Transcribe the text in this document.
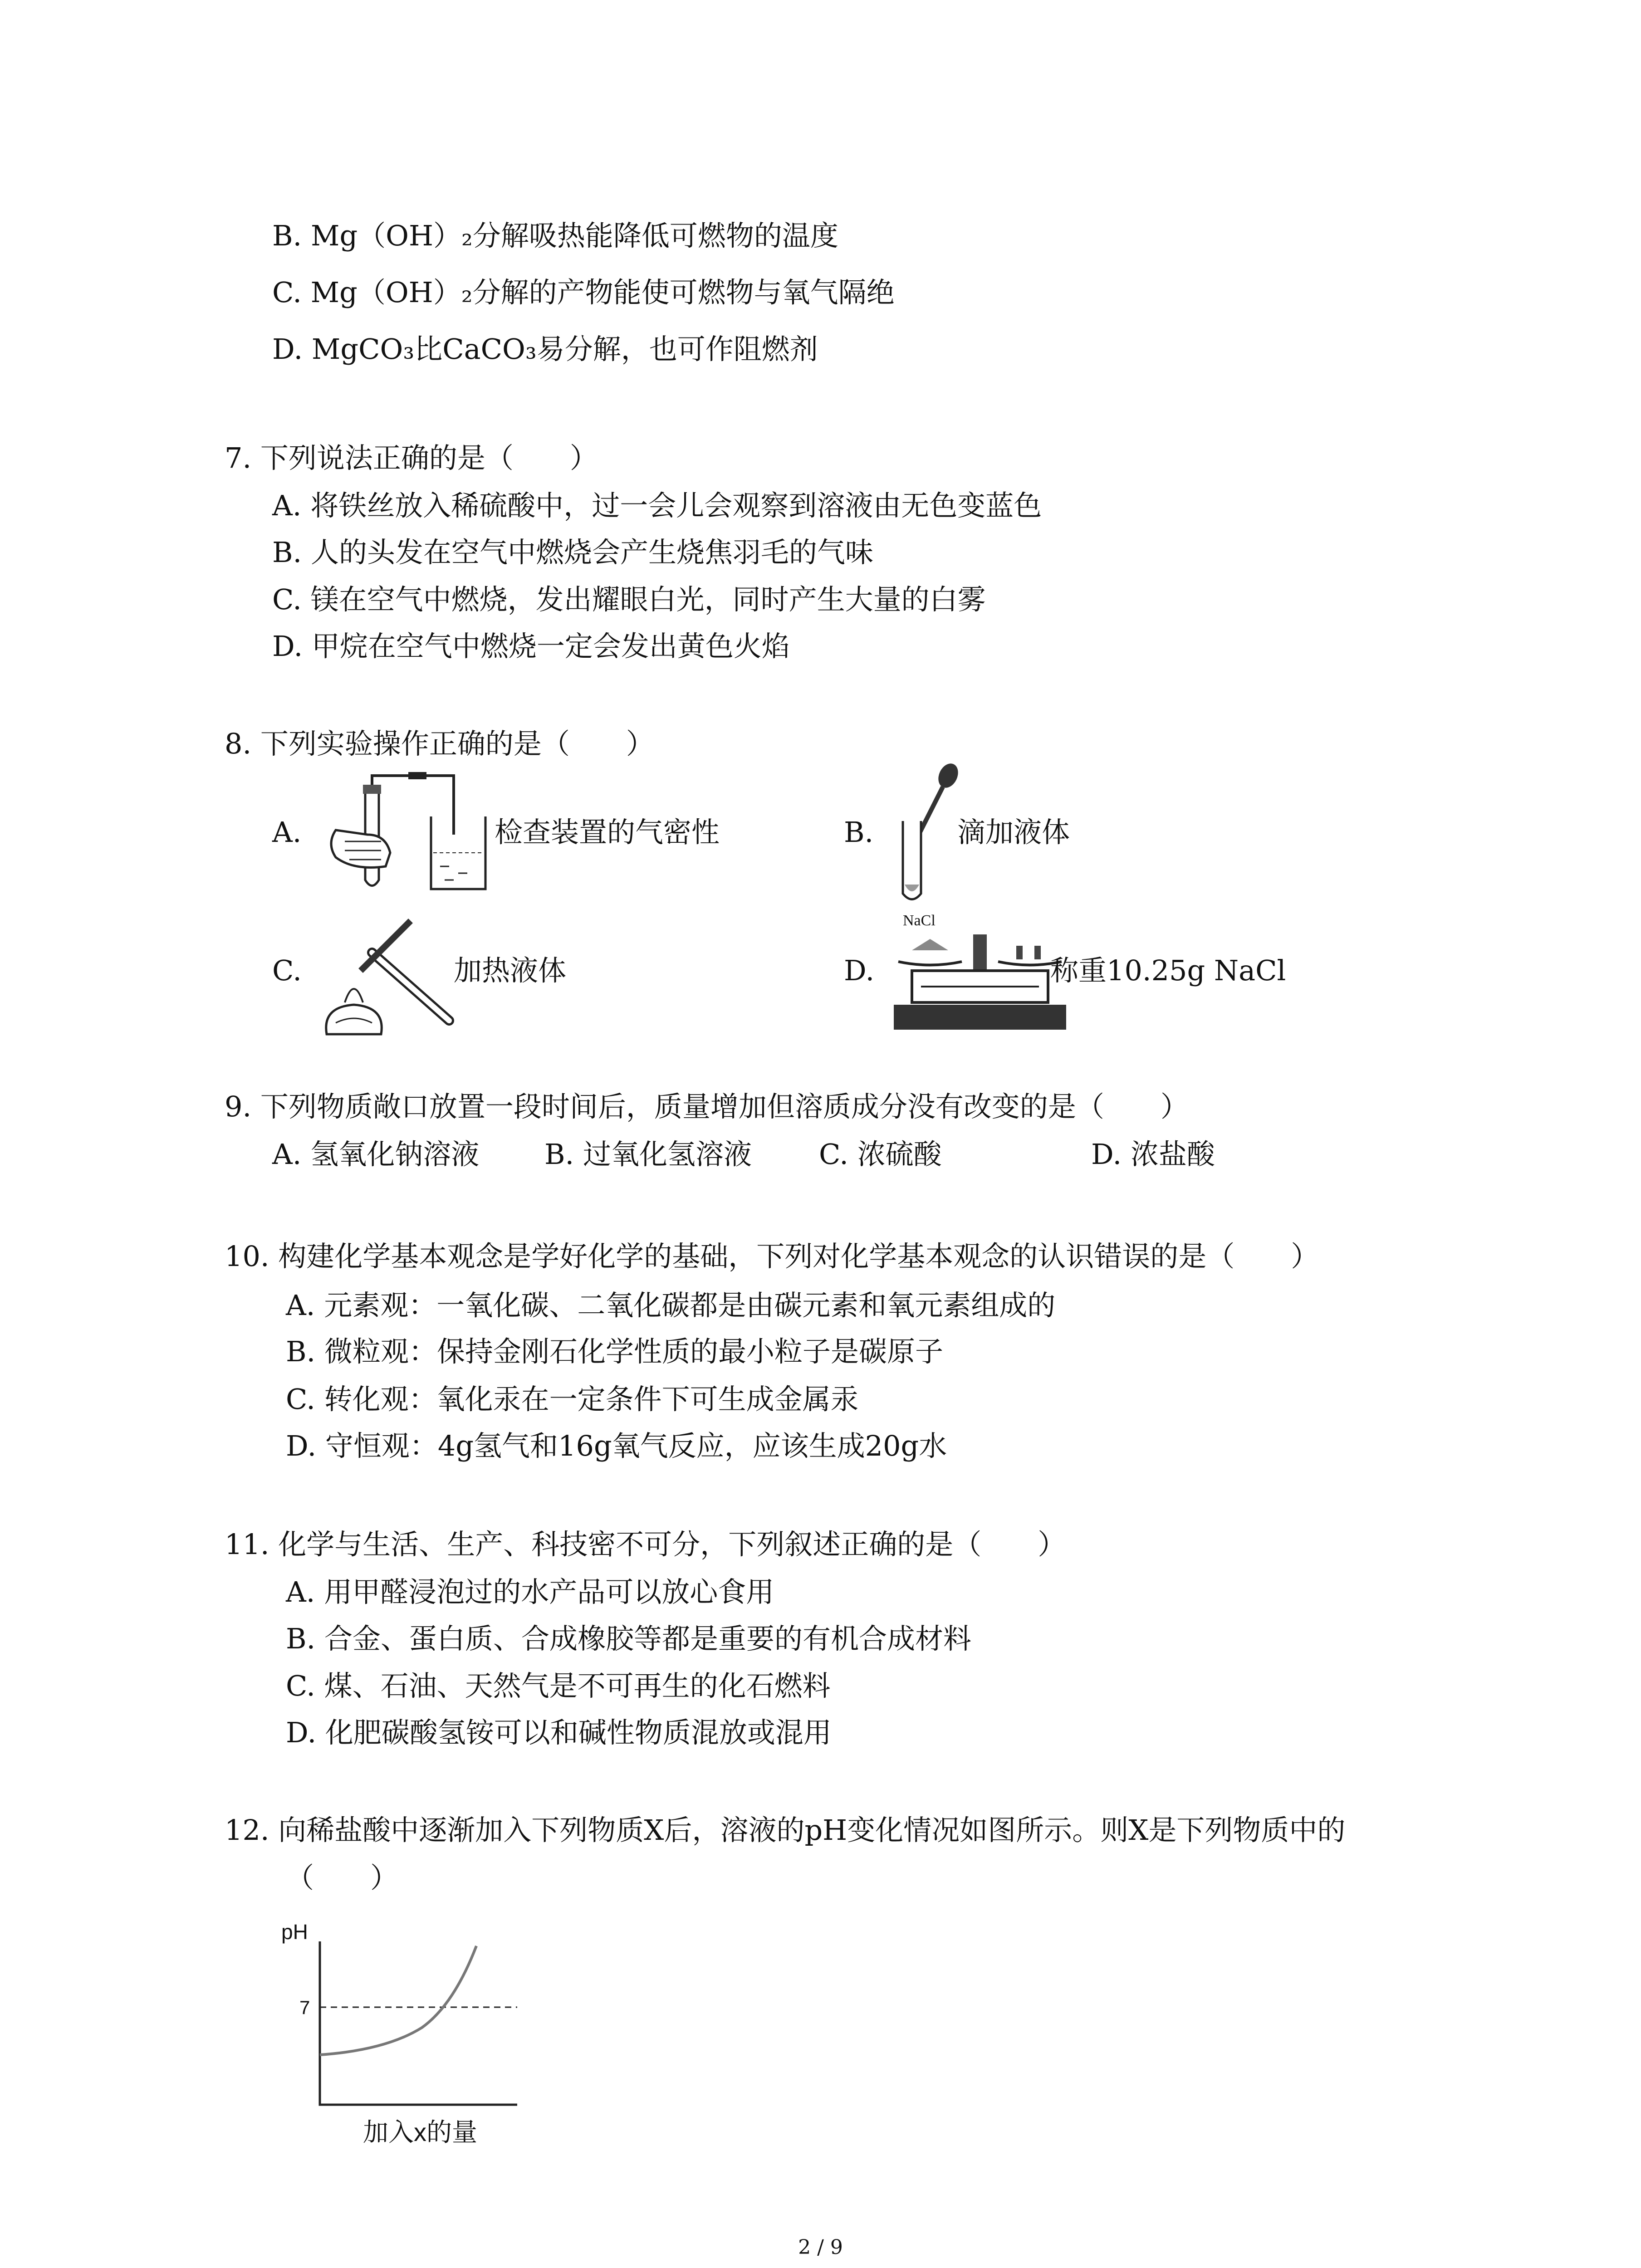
B. Mg（OH）₂分解吸热能降低可燃物的温度
C. Mg（OH）₂分解的产物能使可燃物与氧气隔绝
D. MgCO₃比CaCO₃易分解，也可作阻燃剂
7. 下列说法正确的是（　　）
A. 将铁丝放入稀硫酸中，过一会儿会观察到溶液由无色变蓝色
B. 人的头发在空气中燃烧会产生烧焦羽毛的气味
C. 镁在空气中燃烧，发出耀眼白光，同时产生大量的白雾
D. 甲烷在空气中燃烧一定会发出黄色火焰
8. 下列实验操作正确的是（　　）
A.	检查装置的气密性	B.	滴加液体
C.	加热液体	D.
NaCl
称重10.25g NaCl
9. 下列物质敞口放置一段时间后，质量增加但溶质成分没有改变的是（　　）
A. 氢氧化钠溶液 B. 过氧化氢溶液 C. 浓硫酸	D. 浓盐酸
10. 构建化学基本观念是学好化学的基础，下列对化学基本观念的认识错误的是（　　）
A. 元素观：一氧化碳、二氧化碳都是由碳元素和氧元素组成的
B. 微粒观：保持金刚石化学性质的最小粒子是碳原子
C. 转化观：氧化汞在一定条件下可生成金属汞
D. 守恒观：4g氢气和16g氧气反应，应该生成20g水
11. 化学与生活、生产、科技密不可分，下列叙述正确的是（　　）
A. 用甲醛浸泡过的水产品可以放心食用
B. 合金、蛋白质、合成橡胶等都是重要的有机合成材料
C. 煤、石油、天然气是不可再生的化石燃料
D. 化肥碳酸氢铵可以和碱性物质混放或混用
12. 向稀盐酸中逐渐加入下列物质X后，溶液的pH变化情况如图所示。则X是下列物质中的
（　　）
pH
7
加入x的量
2 / 9
